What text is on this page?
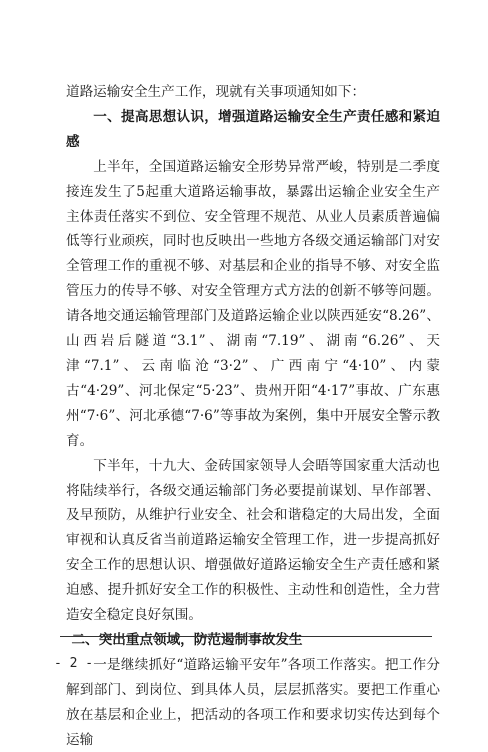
道路运输安全生产工作，现就有关事项通知如下：

一、提高思想认识，增强道路运输安全生产责任感和紧迫感

上半年，全国道路运输安全形势异常严峻，特别是二季度接连发生了5起重大道路运输事故，暴露出运输企业安全生产主体责任落实不到位、安全管理不规范、从业人员素质普遍偏低等行业顽疾，同时也反映出一些地方各级交通运输部门对安全管理工作的重视不够、对基层和企业的指导不够、对安全监管压力的传导不够、对安全管理方式方法的创新不够等问题。请各地交通运输管理部门及道路运输企业以陕西延安“8.26”、山西岩后隧道“3.1”、湖南“7.19”、湖南“6.26”、天津“7.1”、云南临沧“3·2”、广西南宁“4·10”、内蒙古“4·29”、河北保定“5·23”、贵州开阳“4·17”事故、广东惠州“7·6”、河北承德“7·6”等事故为案例，集中开展安全警示教育。

下半年，十九大、金砖国家领导人会晤等国家重大活动也将陆续举行，各级交通运输部门务必要提前谋划、早作部署、及早预防，从维护行业安全、社会和谐稳定的大局出发，全面审视和认真反省当前道路运输安全管理工作，进一步提高抓好安全工作的思想认识、增强做好道路运输安全生产责任感和紧迫感、提升抓好安全工作的积极性、主动性和创造性，全力营造安全稳定良好氛围。

二、突出重点领域，防范遏制事故发生

一是继续抓好“道路运输平安年”各项工作落实。把工作分解到部门、到岗位、到具体人员，层层抓落实。要把工作重心放在基层和企业上，把活动的各项工作和要求切实传达到每个运输

- 2 -
